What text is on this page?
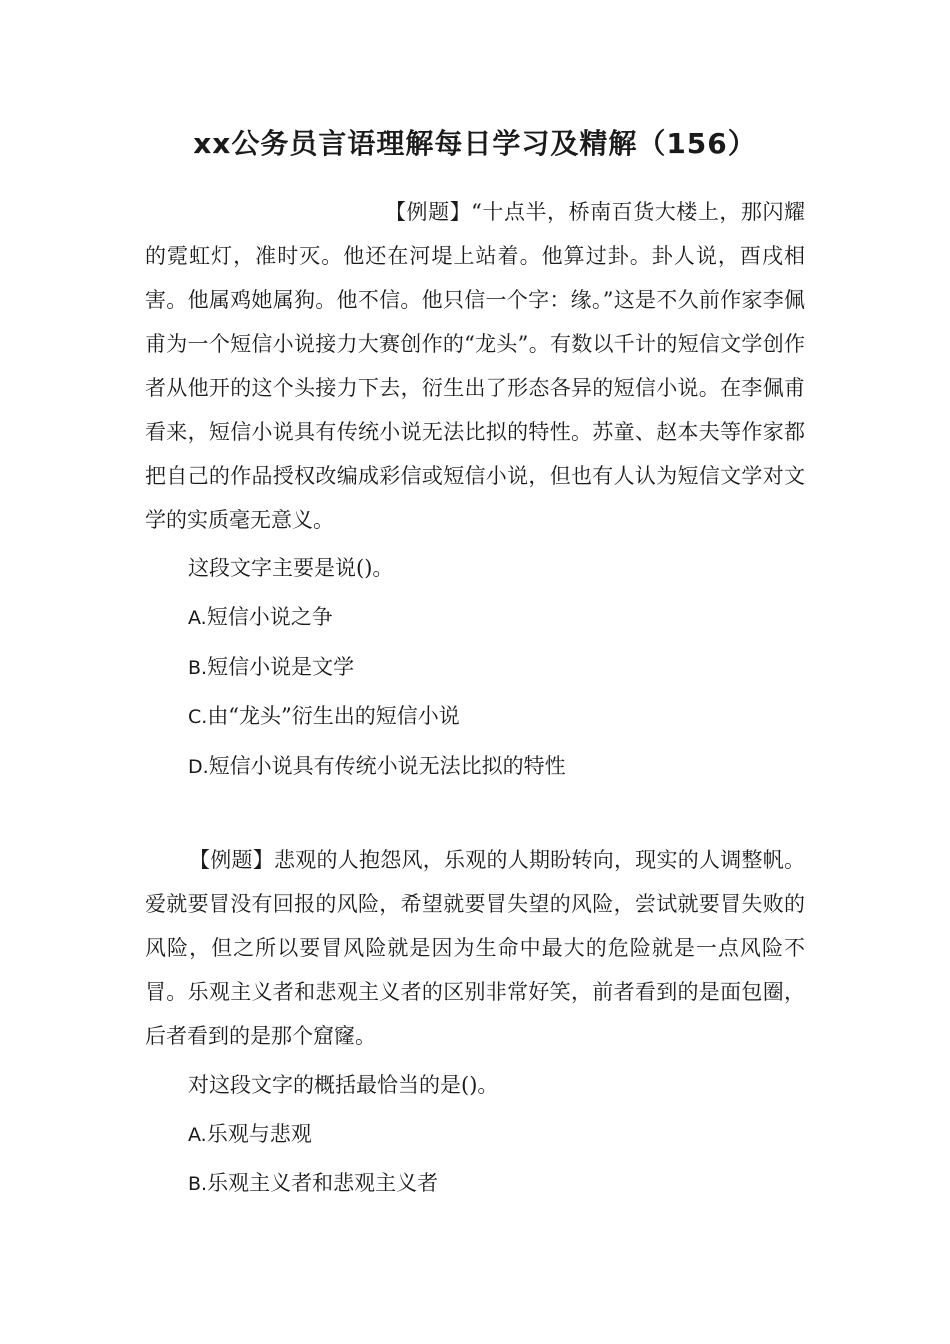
xx公务员言语理解每日学习及精解（156）
【例题】“十点半，桥南百货大楼上，那闪耀的霓虹灯，准时灭。他还在河堤上站着。他算过卦。卦人说，酉戌相害。他属鸡她属狗。他不信。他只信一个字：缘。”这是不久前作家李佩甫为一个短信小说接力大赛创作的“龙头”。有数以千计的短信文学创作者从他开的这个头接力下去，衍生出了形态各异的短信小说。在李佩甫看来，短信小说具有传统小说无法比拟的特性。苏童、赵本夫等作家都把自己的作品授权改编成彩信或短信小说，但也有人认为短信文学对文学的实质毫无意义。
这段文字主要是说()。
A.短信小说之争
B.短信小说是文学
C.由“龙头”衍生出的短信小说
D.短信小说具有传统小说无法比拟的特性
【例题】悲观的人抱怨风，乐观的人期盼转向，现实的人调整帆。爱就要冒没有回报的风险，希望就要冒失望的风险，尝试就要冒失败的风险，但之所以要冒风险就是因为生命中最大的危险就是一点风险不冒。乐观主义者和悲观主义者的区别非常好笑，前者看到的是面包圈，后者看到的是那个窟窿。
对这段文字的概括最恰当的是()。
A.乐观与悲观
B.乐观主义者和悲观主义者
